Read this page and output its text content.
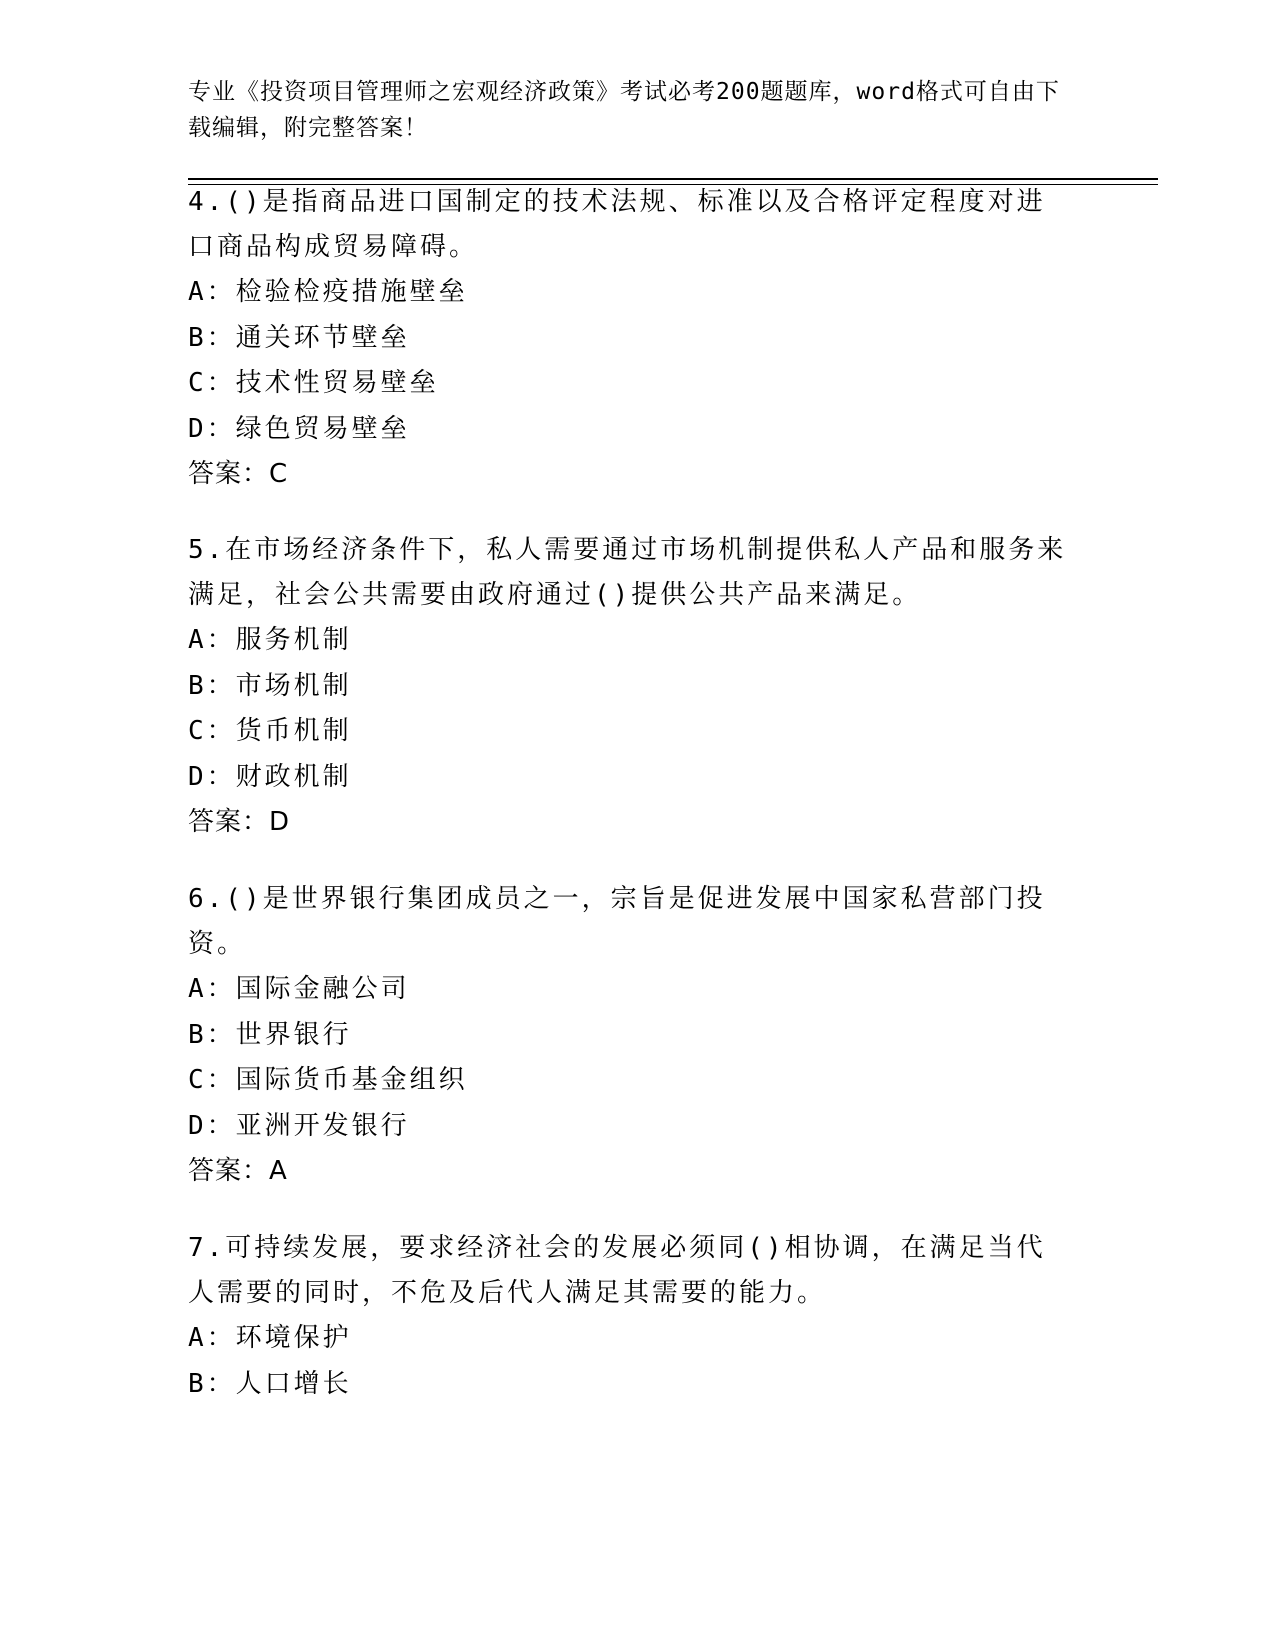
专业《投资项目管理师之宏观经济政策》考试必考200题题库，word格式可自由下载编辑，附完整答案！
4.()是指商品进口国制定的技术法规、标准以及合格评定程度对进口商品构成贸易障碍。
A：检验检疫措施壁垒
B：通关环节壁垒
C：技术性贸易壁垒
D：绿色贸易壁垒
答案：C
5.在市场经济条件下，私人需要通过市场机制提供私人产品和服务来满足，社会公共需要由政府通过()提供公共产品来满足。
A：服务机制
B：市场机制
C：货币机制
D：财政机制
答案：D
6.()是世界银行集团成员之一，宗旨是促进发展中国家私营部门投资。
A：国际金融公司
B：世界银行
C：国际货币基金组织
D：亚洲开发银行
答案：A
7.可持续发展，要求经济社会的发展必须同()相协调，在满足当代人需要的同时，不危及后代人满足其需要的能力。
A：环境保护
B：人口增长
